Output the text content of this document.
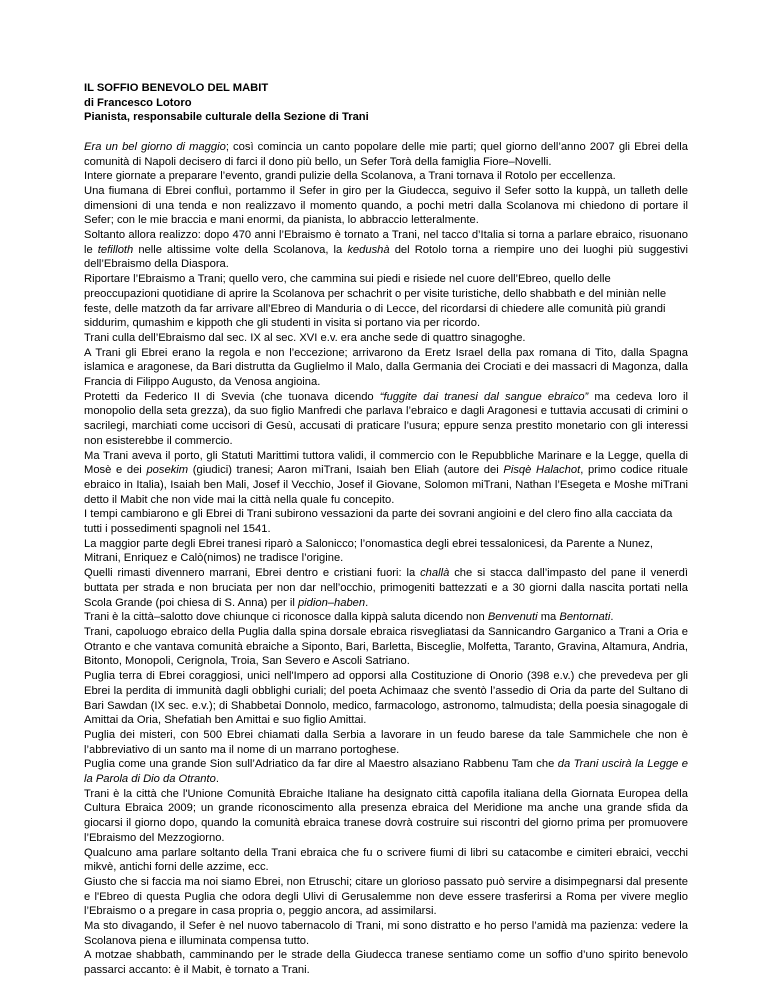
IL SOFFIO BENEVOLO DEL MABIT

di Francesco Lotoro

Pianista, responsabile culturale della Sezione di Trani

Era un bel giorno di maggio; così comincia un canto popolare delle mie parti; quel giorno dell’anno 2007 gli Ebrei della comunità di Napoli decisero di farci il dono più bello, un Sefer Torà della famiglia Fiore–Novelli.

Intere giornate a preparare l’evento, grandi pulizie della Scolanova, a Trani tornava il Rotolo per eccellenza.

Una fiumana di Ebrei confluì, portammo il Sefer in giro per la Giudecca, seguivo il Sefer sotto la kuppà, un talleth delle dimensioni di una tenda e non realizzavo il momento quando, a pochi metri dalla Scolanova mi chiedono di portare il Sefer; con le mie braccia e mani enormi, da pianista, lo abbraccio letteralmente.

Soltanto allora realizzo: dopo 470 anni l’Ebraismo è tornato a Trani, nel tacco d’Italia si torna a parlare ebraico, risuonano le tefilloth nelle altissime volte della Scolanova, la kedushà del Rotolo torna a riempire uno dei luoghi più suggestivi dell’Ebraismo della Diaspora.

Riportare l’Ebraismo a Trani; quello vero, che cammina sui piedi e risiede nel cuore dell’Ebreo, quello delle preoccupazioni quotidiane di aprire la Scolanova per schachrit o per visite turistiche, dello shabbath e del miniàn nelle feste, delle matzoth da far arrivare all’Ebreo di Manduria o di Lecce, del ricordarsi di chiedere alle comunità più grandi siddurim, qumashim e kippoth che gli studenti in visita si portano via per ricordo.

Trani culla dell’Ebraismo dal sec. IX al sec. XVI e.v. era anche sede di quattro sinagoghe.

A Trani gli Ebrei erano la regola e non l’eccezione; arrivarono da Eretz Israel della pax romana di Tito, dalla Spagna islamica e aragonese, da Bari distrutta da Guglielmo il Malo, dalla Germania dei Crociati e dei massacri di Magonza, dalla Francia di Filippo Augusto, da Venosa angioina.

Protetti da Federico II di Svevia (che tuonava dicendo “fuggite dai tranesi dal sangue ebraico” ma cedeva loro il monopolio della seta grezza), da suo figlio Manfredi che parlava l’ebraico e dagli Aragonesi e tuttavia accusati di crimini o sacrilegi, marchiati come uccisori di Gesù, accusati di praticare l’usura; eppure senza prestito monetario con gli interessi non esisterebbe il commercio.

Ma Trani aveva il porto, gli Statuti Marittimi tuttora validi, il commercio con le Repubbliche Marinare e la Legge, quella di Mosè e dei posekim (giudici) tranesi; Aaron miTrani, Isaiah ben Eliah (autore dei Pisqè Halachot, primo codice rituale ebraico in Italia), Isaiah ben Mali, Josef il Vecchio, Josef il Giovane, Solomon miTrani, Nathan l’Esegeta e Moshe miTrani detto il Mabit che non vide mai la città nella quale fu concepito.

I tempi cambiarono e gli Ebrei di Trani subirono vessazioni da parte dei sovrani angioini e del clero fino alla cacciata da tutti i possedimenti spagnoli nel 1541.

La maggior parte degli Ebrei tranesi riparò a Salonicco; l’onomastica degli ebrei tessalonicesi, da Parente a Nunez, Mitrani, Enriquez e Calò(nimos) ne tradisce l’origine.

Quelli rimasti divennero marrani, Ebrei dentro e cristiani fuori: la challà che si stacca dall’impasto del pane il venerdì buttata per strada e non bruciata per non dar nell’occhio, primogeniti battezzati e a 30 giorni dalla nascita portati nella Scola Grande (poi chiesa di S. Anna) per il pidion–haben.

Trani è la città–salotto dove chiunque ci riconosce dalla kippà saluta dicendo non Benvenuti ma Bentornati.

Trani, capoluogo ebraico della Puglia dalla spina dorsale ebraica risvegliatasi da Sannicandro Garganico a Trani a Oria e Otranto e che vantava comunità ebraiche a Siponto, Bari, Barletta, Bisceglie, Molfetta, Taranto, Gravina, Altamura, Andria, Bitonto, Monopoli, Cerignola, Troia, San Severo e Ascoli Satriano.

Puglia terra di Ebrei coraggiosi, unici nell'Impero ad opporsi alla Costituzione di Onorio (398 e.v.) che prevedeva per gli Ebrei la perdita di immunità dagli obblighi curiali; del poeta Achimaaz che sventò l’assedio di Oria da parte del Sultano di Bari Sawdan (IX sec. e.v.); di Shabbetai Donnolo, medico, farmacologo, astronomo, talmudista; della poesia sinagogale di Amittai da Oria, Shefatiah ben Amittai e suo figlio Amittai.

Puglia dei misteri, con 500 Ebrei chiamati dalla Serbia a lavorare in un feudo barese da tale Sammichele che non è l’abbreviativo di un santo ma il nome di un marrano portoghese.

Puglia come una grande Sion sull’Adriatico da far dire al Maestro alsaziano Rabbenu Tam che da Trani uscirà la Legge e la Parola di Dio da Otranto.

Trani è la città che l'Unione Comunità Ebraiche Italiane ha designato città capofila italiana della Giornata Europea della Cultura Ebraica 2009; un grande riconoscimento alla presenza ebraica del Meridione ma anche una grande sfida da giocarsi il giorno dopo, quando la comunità ebraica tranese dovrà costruire sui riscontri del giorno prima per promuovere l’Ebraismo del Mezzogiorno.

Qualcuno ama parlare soltanto della Trani ebraica che fu o scrivere fiumi di libri su catacombe e cimiteri ebraici, vecchi mikvè, antichi forni delle azzime, ecc.

Giusto che si faccia ma noi siamo Ebrei, non Etruschi; citare un glorioso passato può servire a disimpegnarsi dal presente e l'Ebreo di questa Puglia che odora degli Ulivi di Gerusalemme non deve essere trasferirsi a Roma per vivere meglio l’Ebraismo o a pregare in casa propria o, peggio ancora, ad assimilarsi.

Ma sto divagando, il Sefer è nel nuovo tabernacolo di Trani, mi sono distratto e ho perso l’amidà ma pazienza: vedere la Scolanova piena e illuminata compensa tutto.

A motzae shabbath, camminando per le strade della Giudecca tranese sentiamo come un soffio d’uno spirito benevolo passarci accanto: è il Mabit, è tornato a Trani.
